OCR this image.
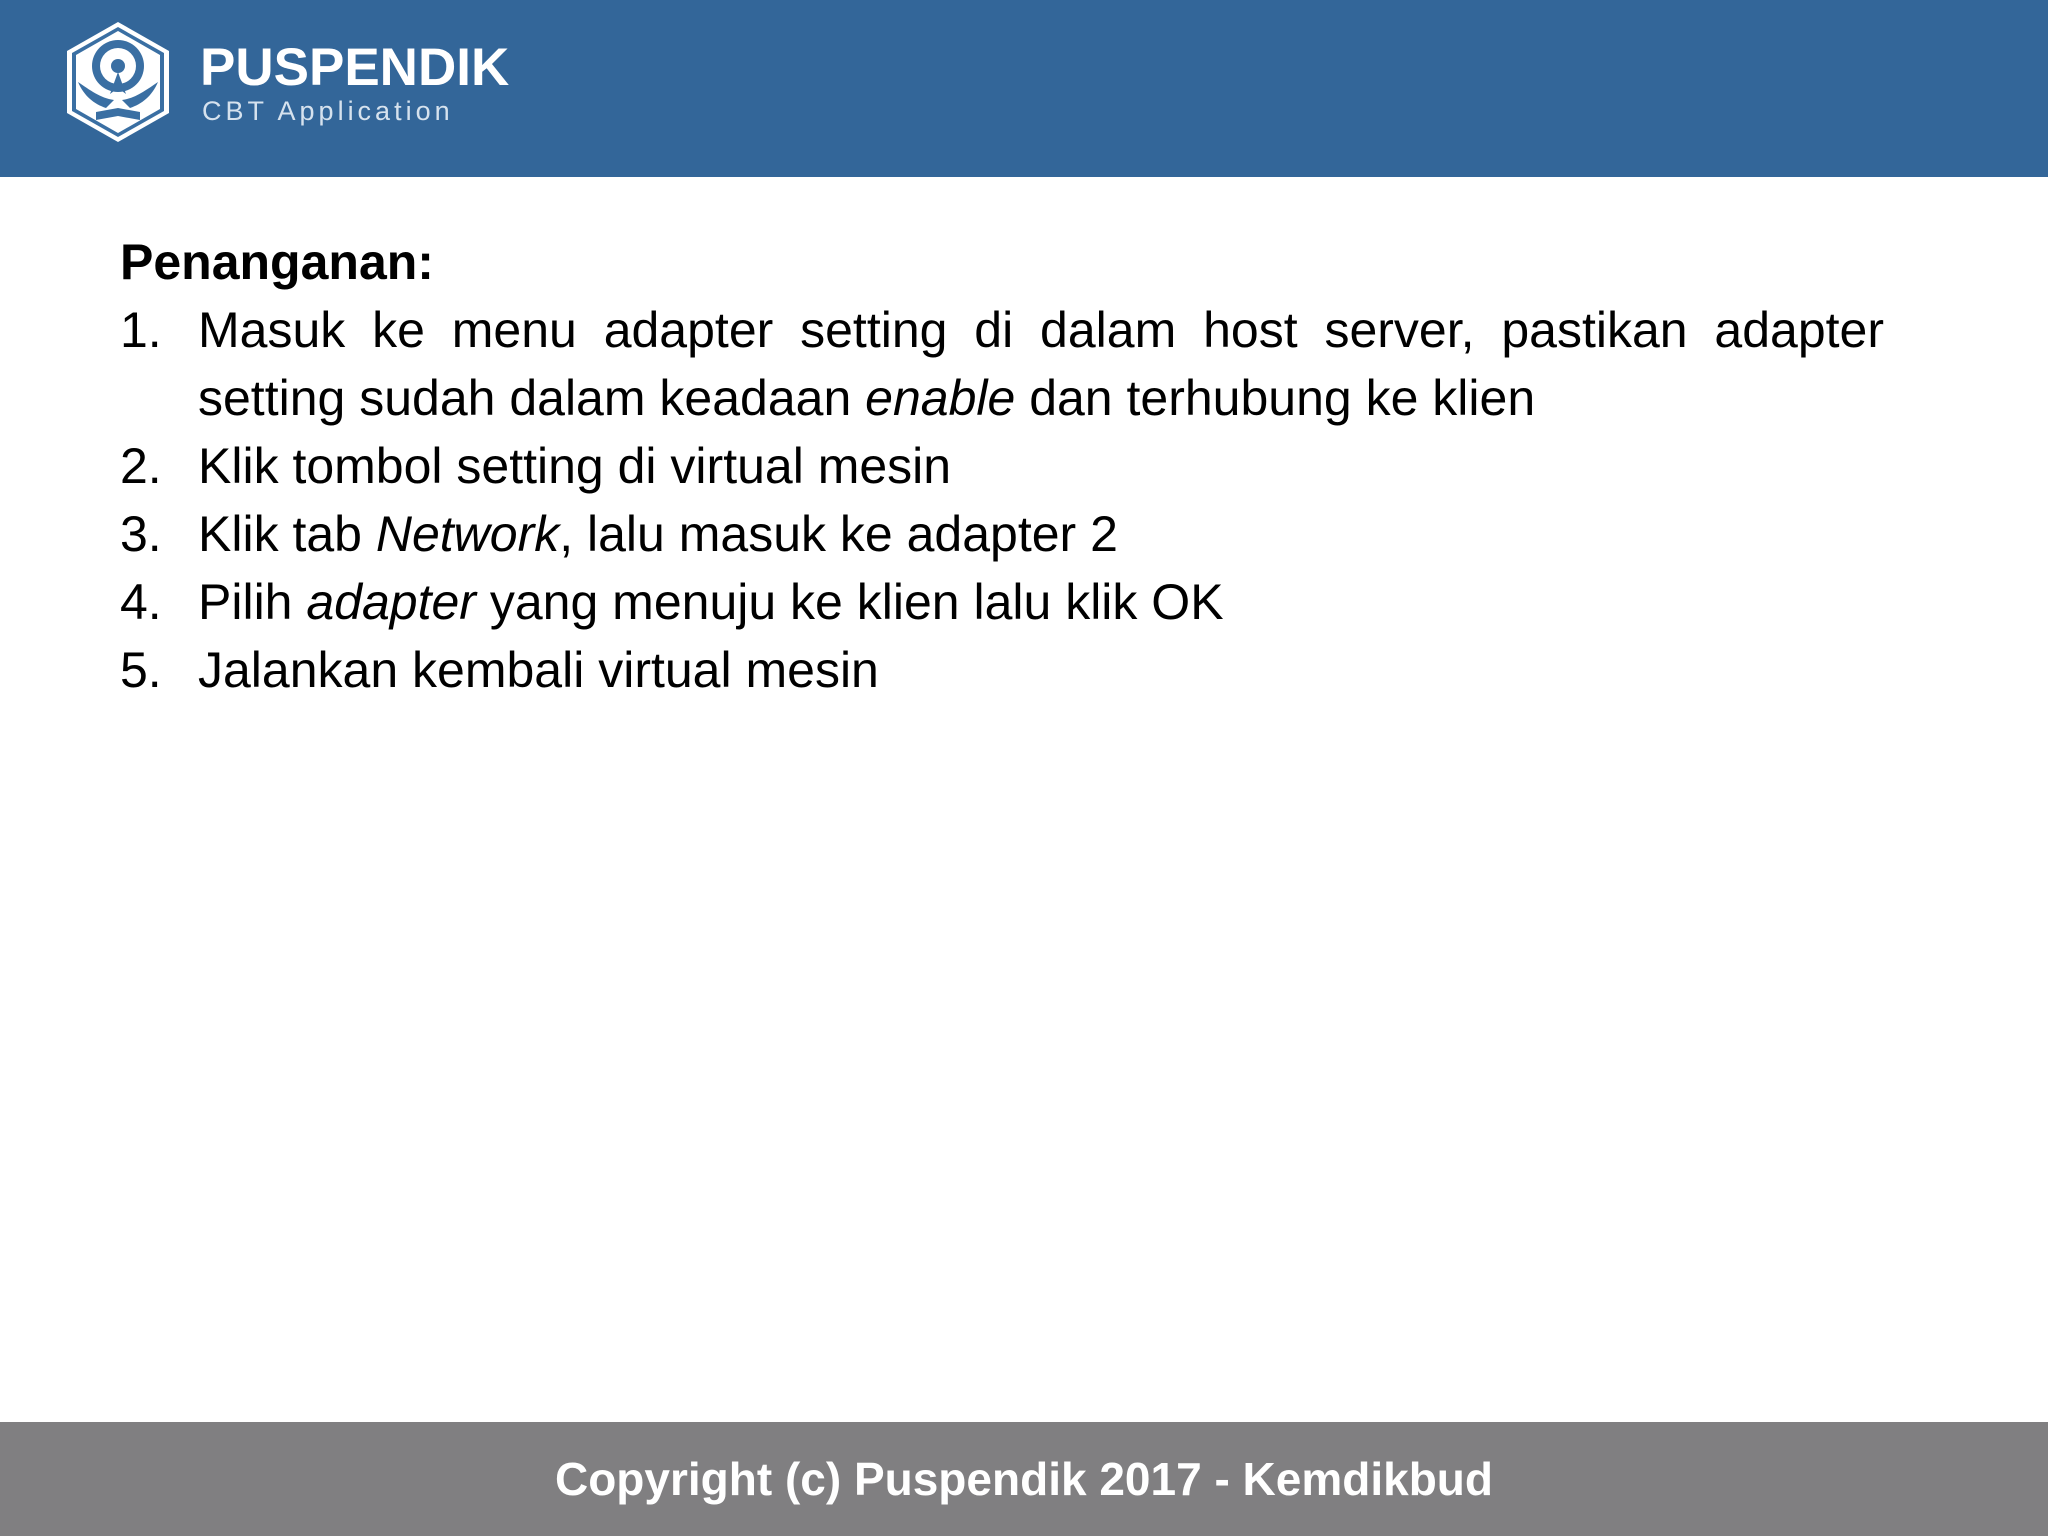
PUSPENDIK
CBT Application

Penanganan:

1. Masuk ke menu adapter setting di dalam host server, pastikan adapter setting sudah dalam keadaan enable dan terhubung ke klien
2. Klik tombol setting di virtual mesin
3. Klik tab Network, lalu masuk ke adapter 2
4. Pilih adapter yang menuju ke klien lalu klik OK
5. Jalankan kembali virtual mesin
Copyright (c) Puspendik 2017 - Kemdikbud
